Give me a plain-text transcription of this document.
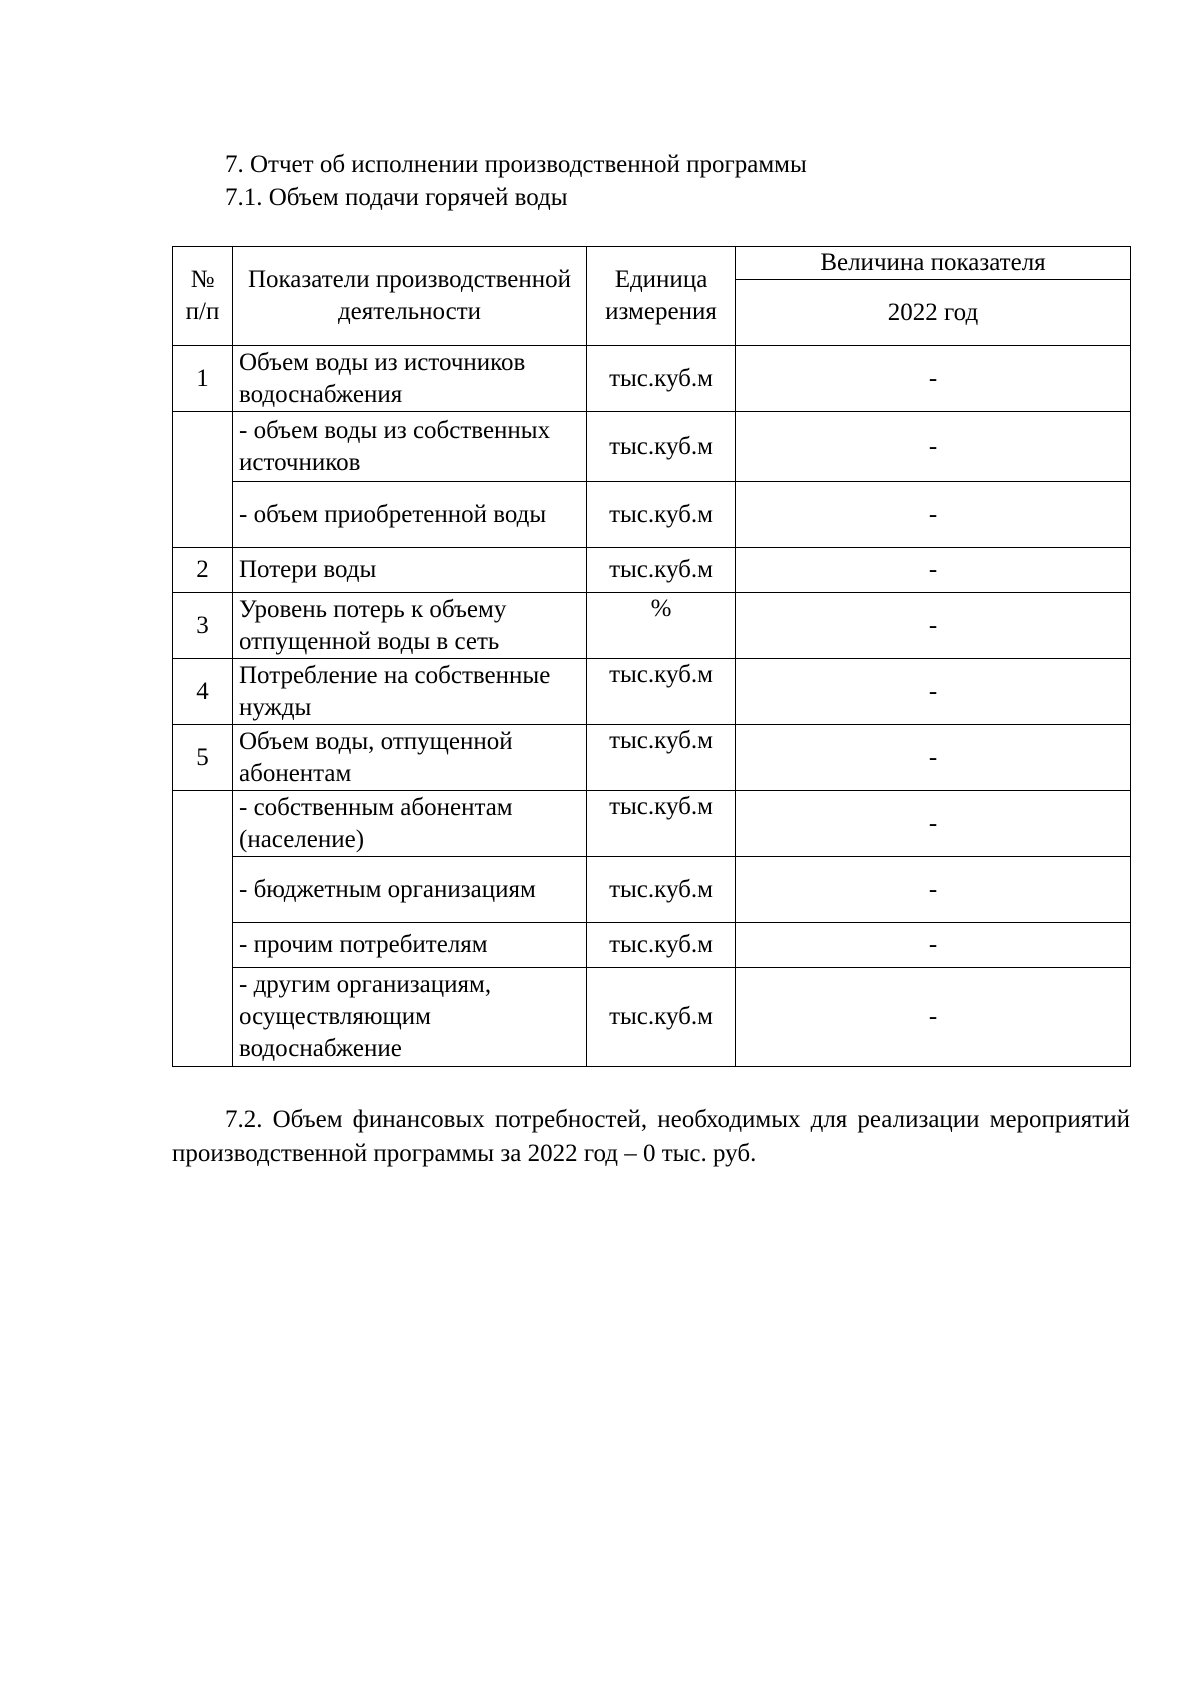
7. Отчет об исполнении производственной программы
7.1. Объем подачи горячей воды
№ п/п	Показатели производственной деятельности	Единица измерения	Величина показателя
			2022 год
1	Объем воды из источников водоснабжения	тыс.куб.м	-
	- объем воды из собственных источников	тыс.куб.м	-
	- объем приобретенной воды	тыс.куб.м	-
2	Потери воды	тыс.куб.м	-
3	Уровень потерь к объему отпущенной воды в сеть	%	-
4	Потребление на собственные нужды	тыс.куб.м	-
5	Объем воды, отпущенной абонентам	тыс.куб.м	-
	- собственным абонентам (население)	тыс.куб.м	-
	- бюджетным организациям	тыс.куб.м	-
	- прочим потребителям	тыс.куб.м	-
	- другим организациям, осуществляющим водоснабжение	тыс.куб.м	-
7.2. Объем финансовых потребностей, необходимых для реализации мероприятий производственной программы за 2022 год – 0 тыс. руб.
